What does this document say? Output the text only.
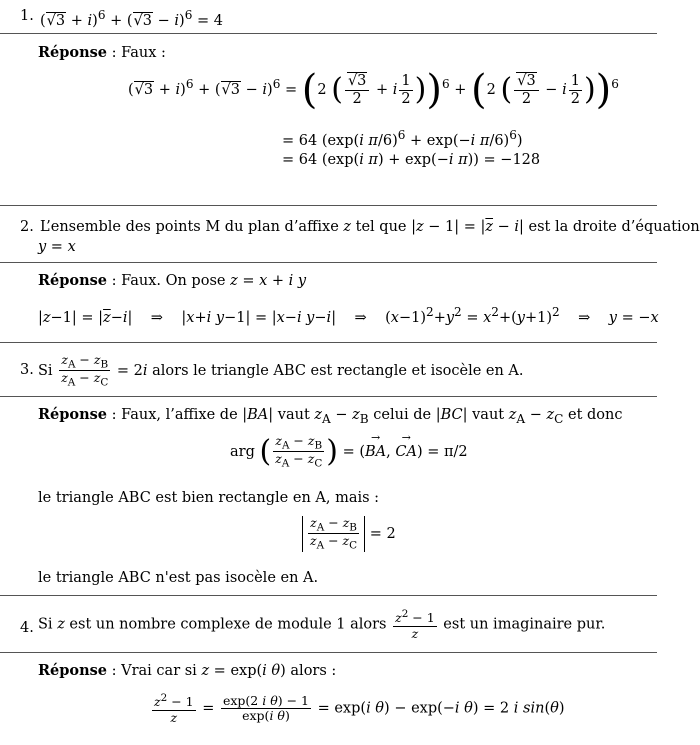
1. $(√3 + i)^6 + (√3 - i)^6 = 4$
Réponse : Faux :
$(√3 + i)^6 + (√3 - i)^6 = (2$ ( $\frac{√3}{2} + i \frac{1}{2} ))^6 + (2$ ( $\frac{√3}{2} - i \frac{1}{2} ))^6$
= 64 (exp(i π/6)$^6$ + exp(−i π/6)$^6$)
= 64 (exp(i π) + exp(−i π)) = −128
2. L’ensemble des points M du plan d’affixe z tel que $|z - 1| = |\overline{z} - i|$ est la droite d’équation
y = x
Réponse : Faux. On pose z = x + i y
$|z-1| = |\overline{z}-i|$    ⇒    |x+i y−1| = |x−i y−i|    ⇒    $(x-1)^2+y^2 = x^2+(y+1)^2$    ⇒    y = −x
3. Si $\frac{z_A - z_B}{z_A - z_C} = 2i$ alors le triangle ABC est rectangle et isocèle en A.
Réponse : Faux, l’affixe de |BA| vaut $z_A - z_B$ celui de |BC| vaut $z_A - z_C$ et donc
arg ( $\frac{z_A - z_B}{z_A - z_C}$ ) = (→ BA, → CA) = π/2
le triangle ABC est bien rectangle en A, mais :
$\frac{z_A - z_B}{z_A - z_C} = 2$
le triangle ABC n'est pas isocèle en A.
4. Si z est un nombre complexe de module 1 alors $\frac{z^2 - 1}{z}$ est un imaginaire pur.
Réponse : Vrai car si z = exp(i θ) alors :
$\frac{z^2 - 1}{z} = \frac{\text{exp(2 i θ) − 1}}{\text{exp(i θ)}} = \exp(i$ θ) − exp(−i θ) = 2 i sin(θ)
